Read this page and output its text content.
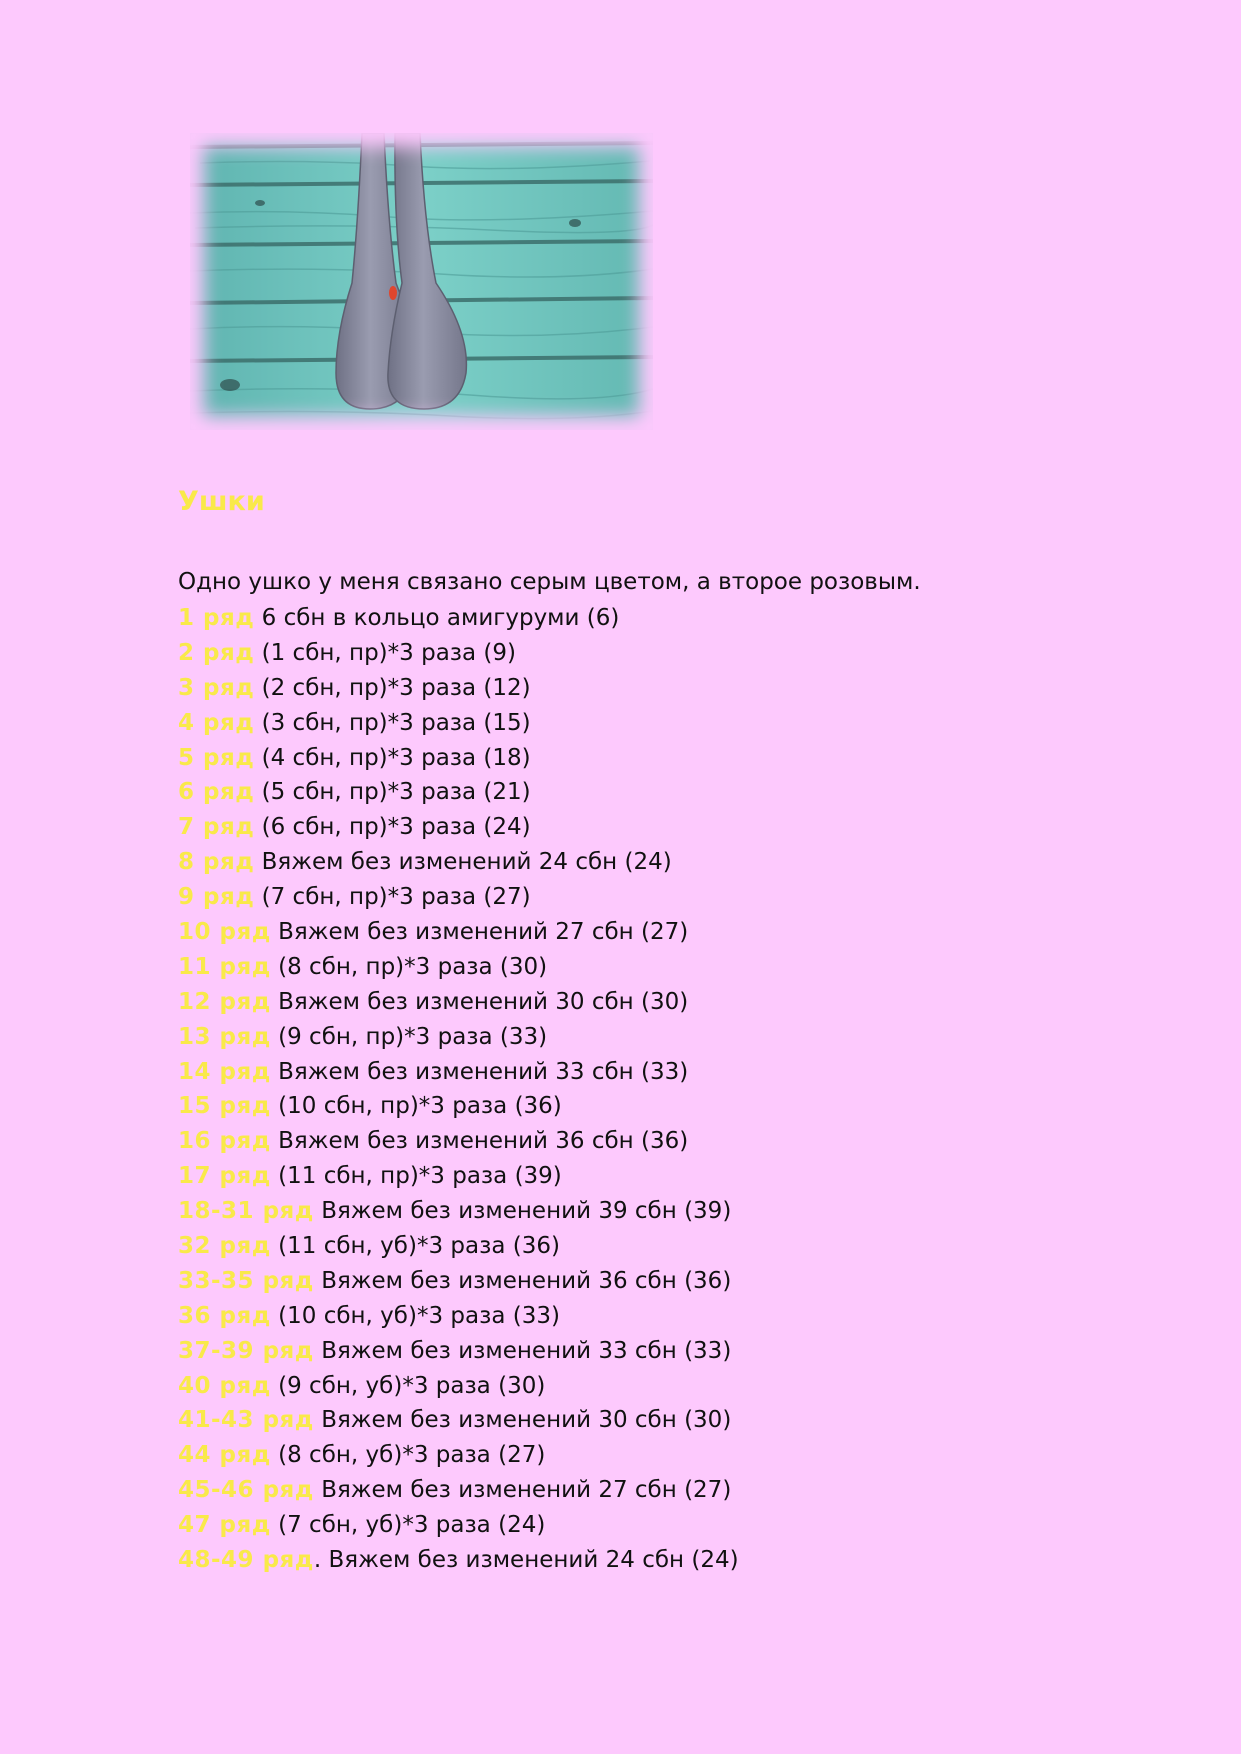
Ушки

Одно ушко у меня связано серым цветом, а второе розовым.

1 ряд 6 сбн в кольцо амигуруми (6)
2 ряд (1 сбн, пр)*3 раза (9)
3 ряд (2 сбн, пр)*3 раза (12)
4 ряд (3 сбн, пр)*3 раза (15)
5 ряд (4 сбн, пр)*3 раза (18)
6 ряд (5 сбн, пр)*3 раза (21)
7 ряд (6 сбн, пр)*3 раза (24)
8 ряд Вяжем без изменений 24 сбн (24)
9 ряд (7 сбн, пр)*3 раза (27)
10 ряд Вяжем без изменений 27 сбн (27)
11 ряд (8 сбн, пр)*3 раза (30)
12 ряд Вяжем без изменений 30 сбн (30)
13 ряд (9 сбн, пр)*3 раза (33)
14 ряд Вяжем без изменений 33 сбн (33)
15 ряд (10 сбн, пр)*3 раза (36)
16 ряд Вяжем без изменений 36 сбн (36)
17 ряд (11 сбн, пр)*3 раза (39)
18-31 ряд Вяжем без изменений 39 сбн (39)
32 ряд (11 сбн, уб)*3 раза (36)
33-35 ряд Вяжем без изменений 36 сбн (36)
36 ряд (10 сбн, уб)*3 раза (33)
37-39 ряд Вяжем без изменений 33 сбн (33)
40 ряд (9 сбн, уб)*3 раза (30)
41-43 ряд Вяжем без изменений 30 сбн (30)
44 ряд (8 сбн, уб)*3 раза (27)
45-46 ряд Вяжем без изменений 27 сбн (27)
47 ряд (7 сбн, уб)*3 раза (24)
48-49 ряд. Вяжем без изменений 24 сбн (24)
